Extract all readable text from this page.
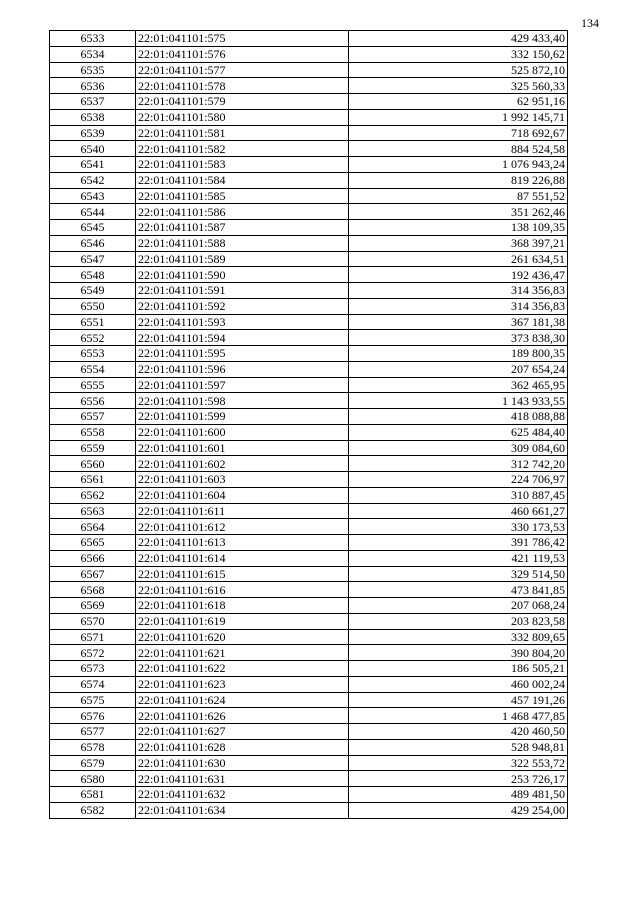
134
6533	22:01:041101:575	429 433,40
6534	22:01:041101:576	332 150,62
6535	22:01:041101:577	525 872,10
6536	22:01:041101:578	325 560,33
6537	22:01:041101:579	62 951,16
6538	22:01:041101:580	1 992 145,71
6539	22:01:041101:581	718 692,67
6540	22:01:041101:582	884 524,58
6541	22:01:041101:583	1 076 943,24
6542	22:01:041101:584	819 226,88
6543	22:01:041101:585	87 551,52
6544	22:01:041101:586	351 262,46
6545	22:01:041101:587	138 109,35
6546	22:01:041101:588	368 397,21
6547	22:01:041101:589	261 634,51
6548	22:01:041101:590	192 436,47
6549	22:01:041101:591	314 356,83
6550	22:01:041101:592	314 356,83
6551	22:01:041101:593	367 181,38
6552	22:01:041101:594	373 838,30
6553	22:01:041101:595	189 800,35
6554	22:01:041101:596	207 654,24
6555	22:01:041101:597	362 465,95
6556	22:01:041101:598	1 143 933,55
6557	22:01:041101:599	418 088,88
6558	22:01:041101:600	625 484,40
6559	22:01:041101:601	309 084,60
6560	22:01:041101:602	312 742,20
6561	22:01:041101:603	224 706,97
6562	22:01:041101:604	310 887,45
6563	22:01:041101:611	460 661,27
6564	22:01:041101:612	330 173,53
6565	22:01:041101:613	391 786,42
6566	22:01:041101:614	421 119,53
6567	22:01:041101:615	329 514,50
6568	22:01:041101:616	473 841,85
6569	22:01:041101:618	207 068,24
6570	22:01:041101:619	203 823,58
6571	22:01:041101:620	332 809,65
6572	22:01:041101:621	390 804,20
6573	22:01:041101:622	186 505,21
6574	22:01:041101:623	460 002,24
6575	22:01:041101:624	457 191,26
6576	22:01:041101:626	1 468 477,85
6577	22:01:041101:627	420 460,50
6578	22:01:041101:628	528 948,81
6579	22:01:041101:630	322 553,72
6580	22:01:041101:631	253 726,17
6581	22:01:041101:632	489 481,50
6582	22:01:041101:634	429 254,00
